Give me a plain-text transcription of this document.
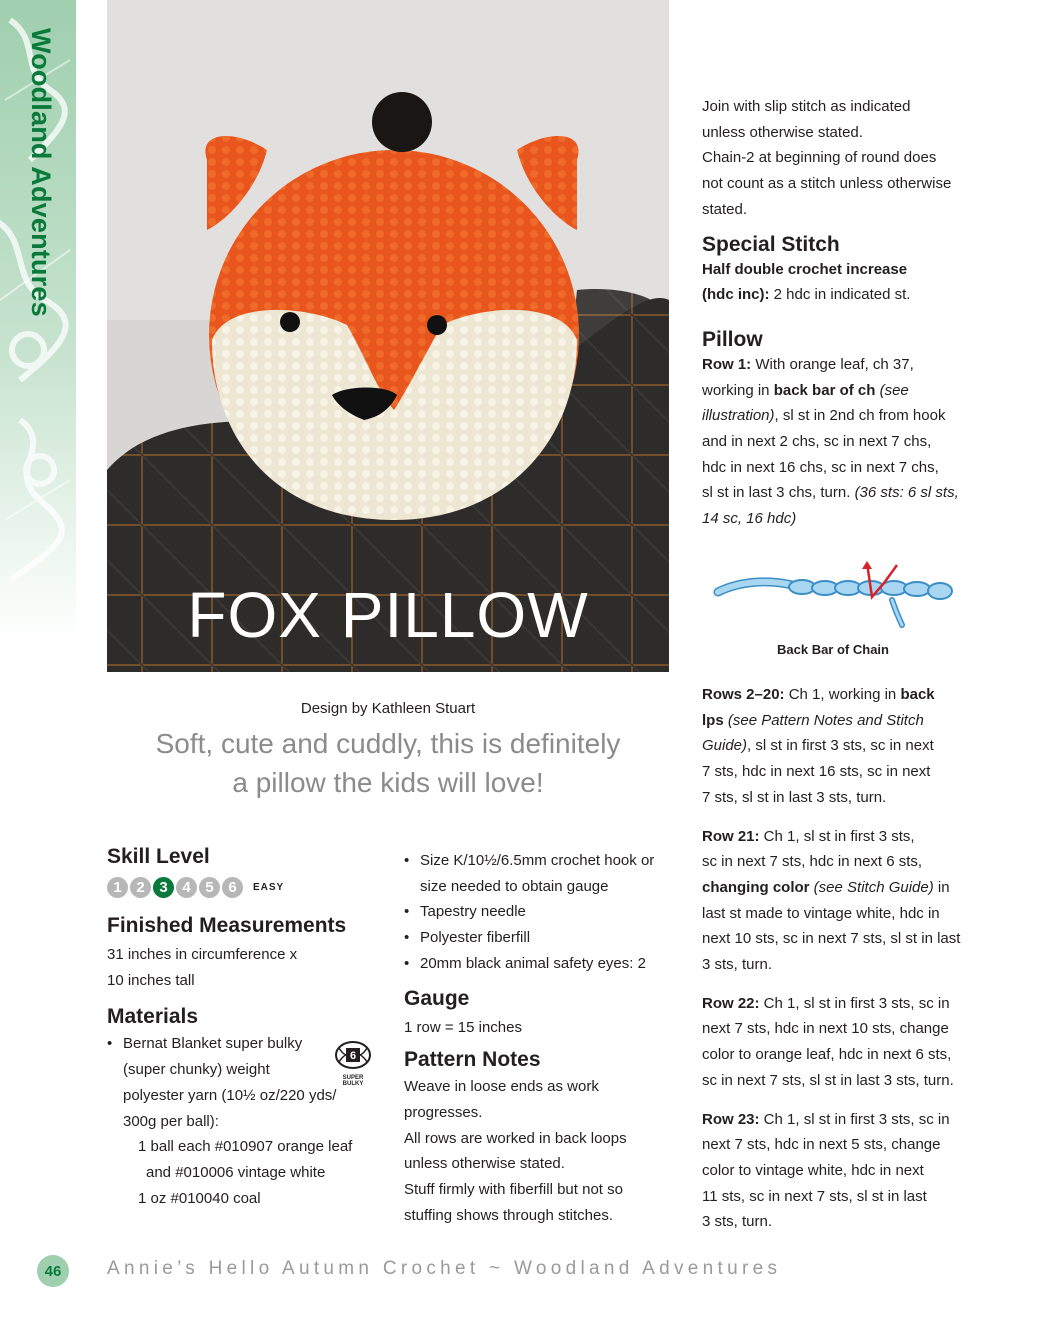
Woodland Adventures
FOX PILLOW
Design by Kathleen Stuart
Soft, cute and cuddly, this is definitely
a pillow the kids will love!
Skill Level
1 2 3 4 5 6	EASY
Finished Measurements

31 inches in circumference x

10 inches tall

Materials
• Bernat Blanket super bulky
(super chunky) weight
polyester yarn (10½ oz/220 yds/
300g per ball):
1 ball each #010907 orange leaf
and #010006 vintage white
1 oz #010040 coal
6
SUPER BULKY
• Size K/10½/6.5mm crochet hook or
size needed to obtain gauge
• Tapestry needle
• Polyester fiberfill
• 20mm black animal safety eyes: 2
Gauge

1 row = 15 inches

Pattern Notes

Weave in loose ends as work

progresses.

All rows are worked in back loops

unless otherwise stated.

Stuff firmly with fiberfill but not so

stuffing shows through stitches.

Join with slip stitch as indicated

unless otherwise stated.

Chain-2 at beginning of round does

not count as a stitch unless otherwise

stated.

Special Stitch

Half double crochet increase

(hdc inc): 2 hdc in indicated st.

Pillow

Row 1: With orange leaf, ch 37,

working in back bar of ch (see

illustration), sl st in 2nd ch from hook

and in next 2 chs, sc in next 7 chs,

hdc in next 16 chs, sc in next 7 chs,

sl st in last 3 chs, turn. (36 sts: 6 sl sts,

14 sc, 16 hdc)

Back Bar of Chain

Rows 2–20: Ch 1, working in back

lps (see Pattern Notes and Stitch

Guide), sl st in first 3 sts, sc in next

7 sts, hdc in next 16 sts, sc in next

7 sts, sl st in last 3 sts, turn.

Row 21: Ch 1, sl st in first 3 sts,

sc in next 7 sts, hdc in next 6 sts,

changing color (see Stitch Guide) in

last st made to vintage white, hdc in

next 10 sts, sc in next 7 sts, sl st in last

3 sts, turn.

Row 22: Ch 1, sl st in first 3 sts, sc in

next 7 sts, hdc in next 10 sts, change

color to orange leaf, hdc in next 6 sts,

sc in next 7 sts, sl st in last 3 sts, turn.

Row 23: Ch 1, sl st in first 3 sts, sc in

next 7 sts, hdc in next 5 sts, change

color to vintage white, hdc in next

11 sts, sc in next 7 sts, sl st in last

3 sts, turn.

46	Annie’s Hello Autumn Crochet ~ Woodland Adventures
